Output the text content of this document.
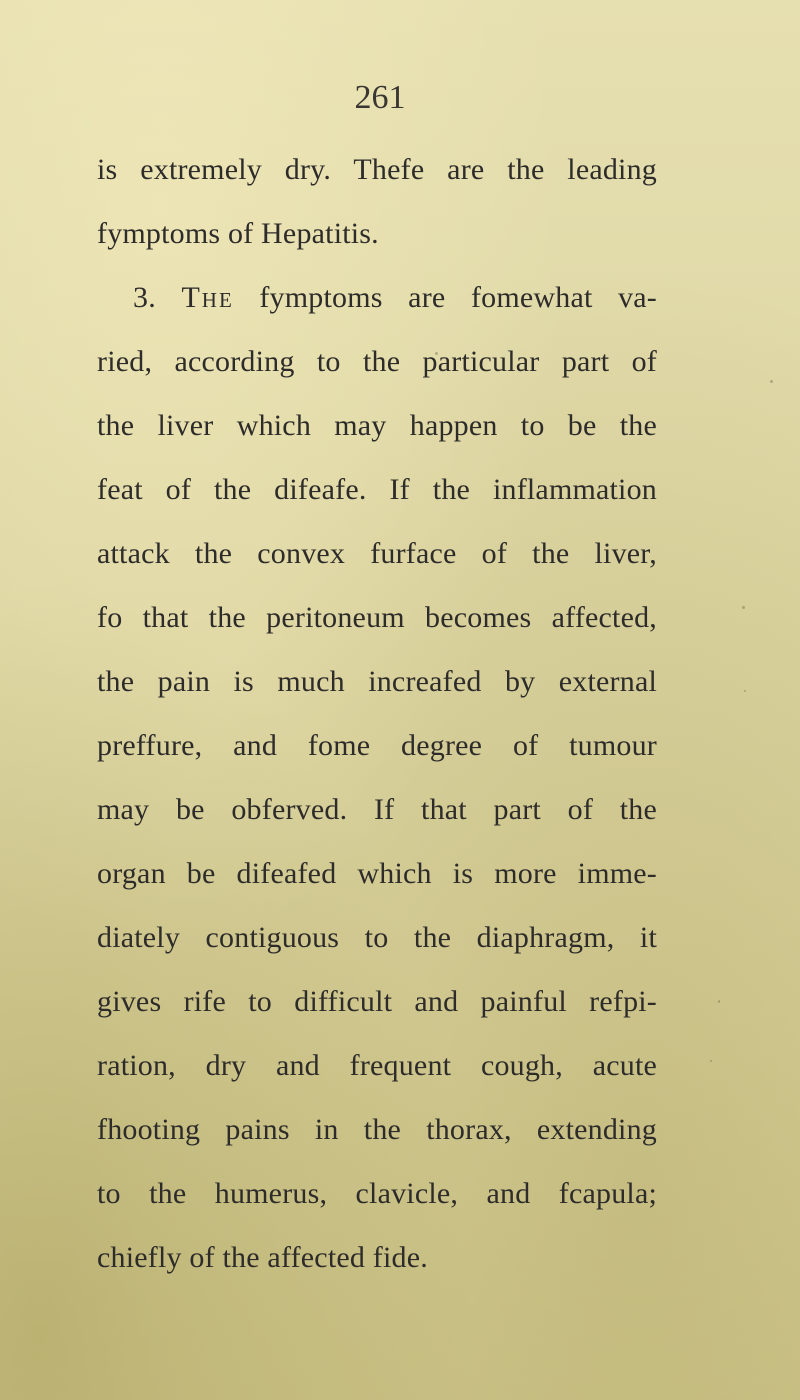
261
is extremely dry. Thefe are the leading
fymptoms of Hepatitis.
3. The fymptoms are fomewhat va-
ried, according to the particular part of
the liver which may happen to be the
feat of the difeafe. If the inflammation
attack the convex furface of the liver,
fo that the peritoneum becomes affected,
the pain is much increafed by external
preffure, and fome degree of tumour
may be obferved. If that part of the
organ be difeafed which is more imme-
diately contiguous to the diaphragm, it
gives rife to difficult and painful refpi-
ration, dry and frequent cough, acute
fhooting pains in the thorax, extending
to the humerus, clavicle, and fcapula;
chiefly of the affected fide.
